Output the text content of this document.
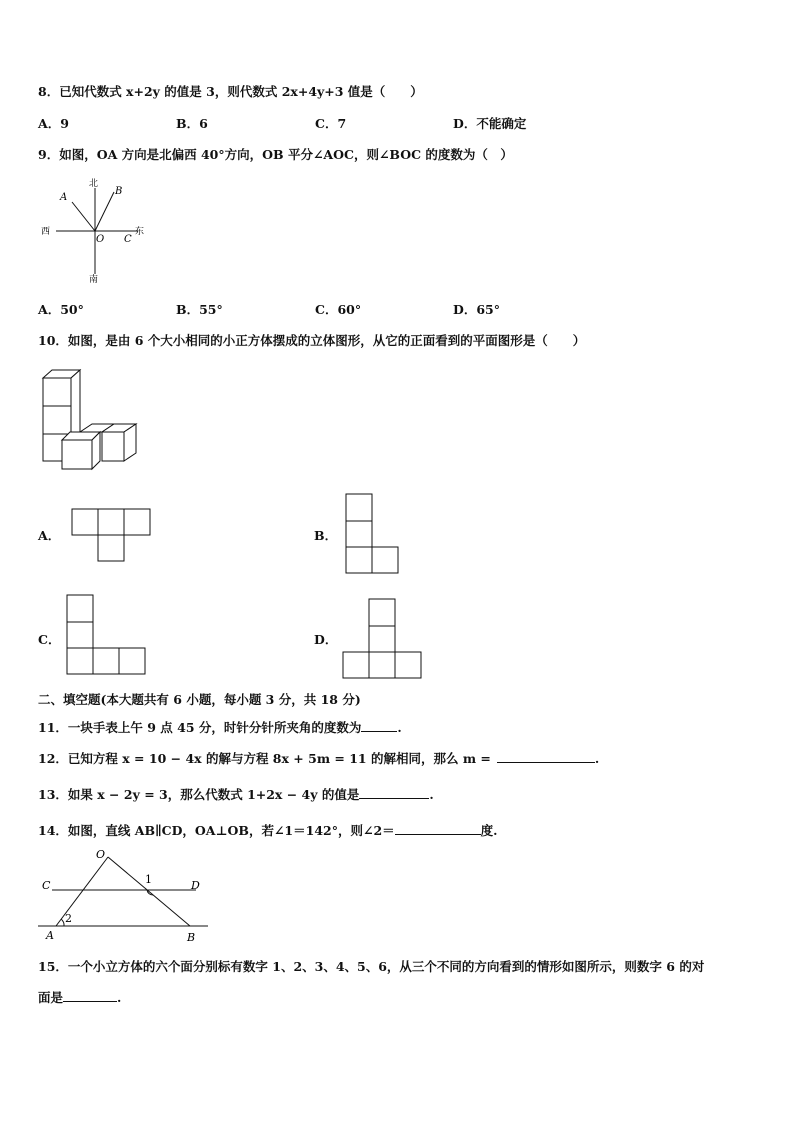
8．已知代数式 x+2y 的值是 3，则代数式 2x+4y+3 值是（　　）
A．9	B．6	C．7	D．不能确定
9．如图，OA 方向是北偏西 40°方向，OB 平分∠AOC，则∠BOC 的度数为（　）
北
南
西	东
A
B
O C
A．50°	B．55°	C．60°	D．65°
10．如图，是由 6 个大小相同的小正方体摆成的立体图形，从它的正面看到的平面图形是（　　）
A．	B．
C．	D．
二、填空题(本大题共有 6 小题，每小题 3 分，共 18 分)
11．一块手表上午 9 点 45 分，时针分针所夹角的度数为	.
12．已知方程 x = 10 − 4x 的解与方程 8x + 5m = 11 的解相同，那么 m =	.
13．如果 x − 2y = 3，那么代数式 1+2x − 4y 的值是	.
14．如图，直线 AB∥CD，OA⊥OB，若∠1＝142°，则∠2＝	度.
O
C	D
A	B
1
2
15．一个小立方体的六个面分别标有数字 1、2、3、4、5、6，从三个不同的方向看到的情形如图所示，则数字 6 的对
面是	.
